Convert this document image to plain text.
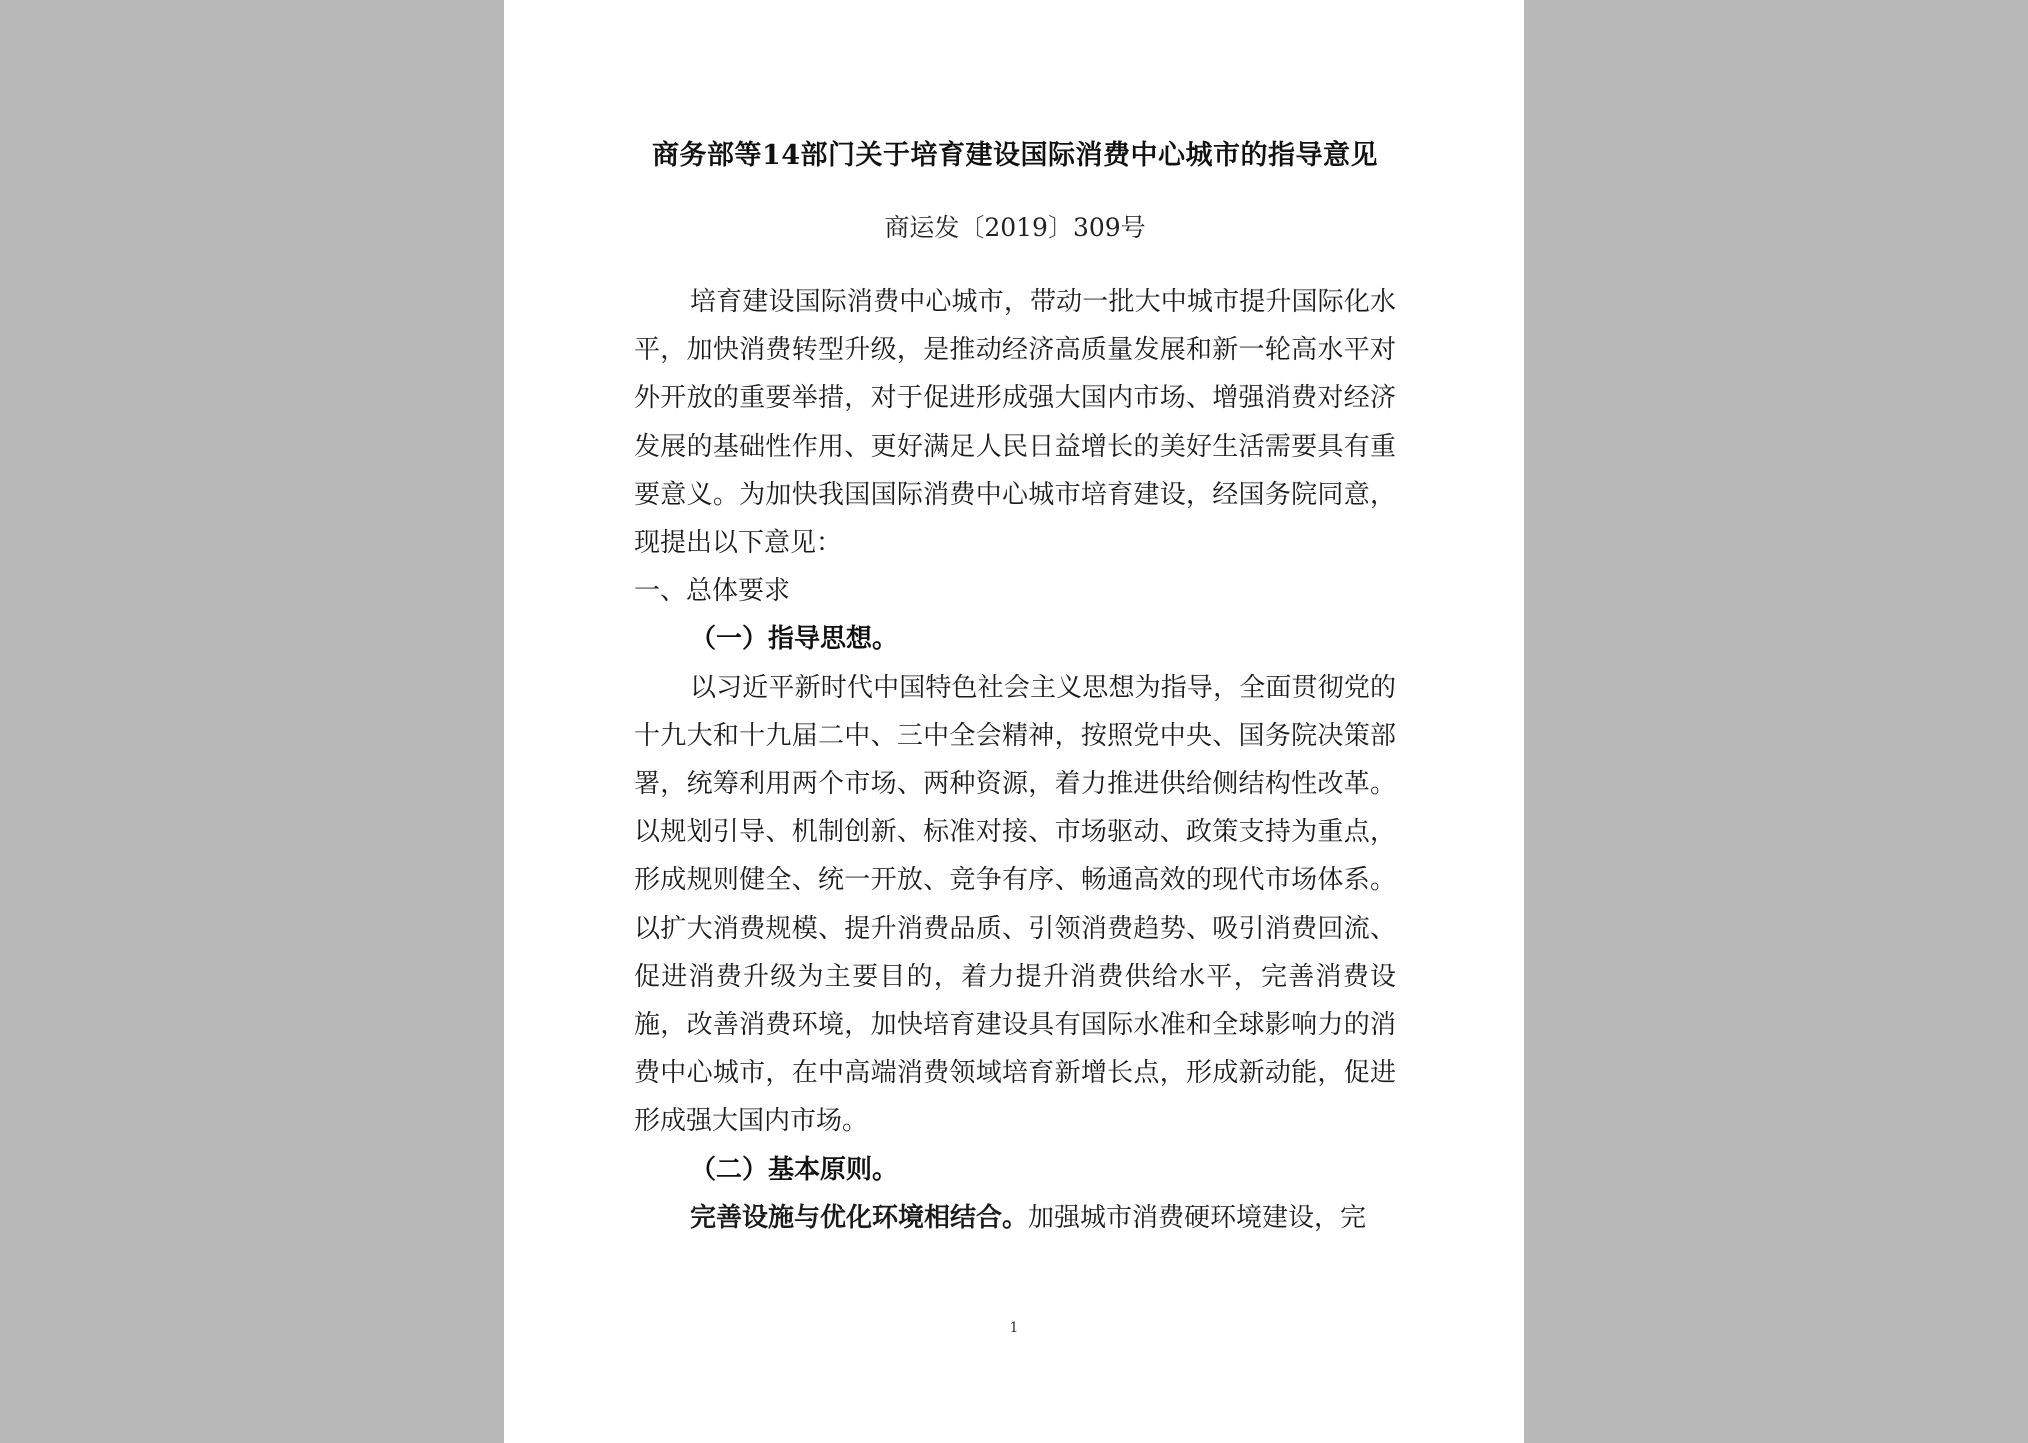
商务部等14部门关于培育建设国际消费中心城市的指导意见

商运发〔2019〕309号

培育建设国际消费中心城市，带动一批大中城市提升国际化水平，加快消费转型升级，是推动经济高质量发展和新一轮高水平对外开放的重要举措，对于促进形成强大国内市场、增强消费对经济发展的基础性作用、更好满足人民日益增长的美好生活需要具有重要意义。为加快我国国际消费中心城市培育建设，经国务院同意，现提出以下意见：

一、总体要求

（一）指导思想。

以习近平新时代中国特色社会主义思想为指导，全面贯彻党的十九大和十九届二中、三中全会精神，按照党中央、国务院决策部署，统筹利用两个市场、两种资源，着力推进供给侧结构性改革。以规划引导、机制创新、标准对接、市场驱动、政策支持为重点，形成规则健全、统一开放、竞争有序、畅通高效的现代市场体系。以扩大消费规模、提升消费品质、引领消费趋势、吸引消费回流、促进消费升级为主要目的，着力提升消费供给水平，完善消费设施，改善消费环境，加快培育建设具有国际水准和全球影响力的消费中心城市，在中高端消费领域培育新增长点，形成新动能，促进形成强大国内市场。

（二）基本原则。

完善设施与优化环境相结合。加强城市消费硬环境建设，完

1
